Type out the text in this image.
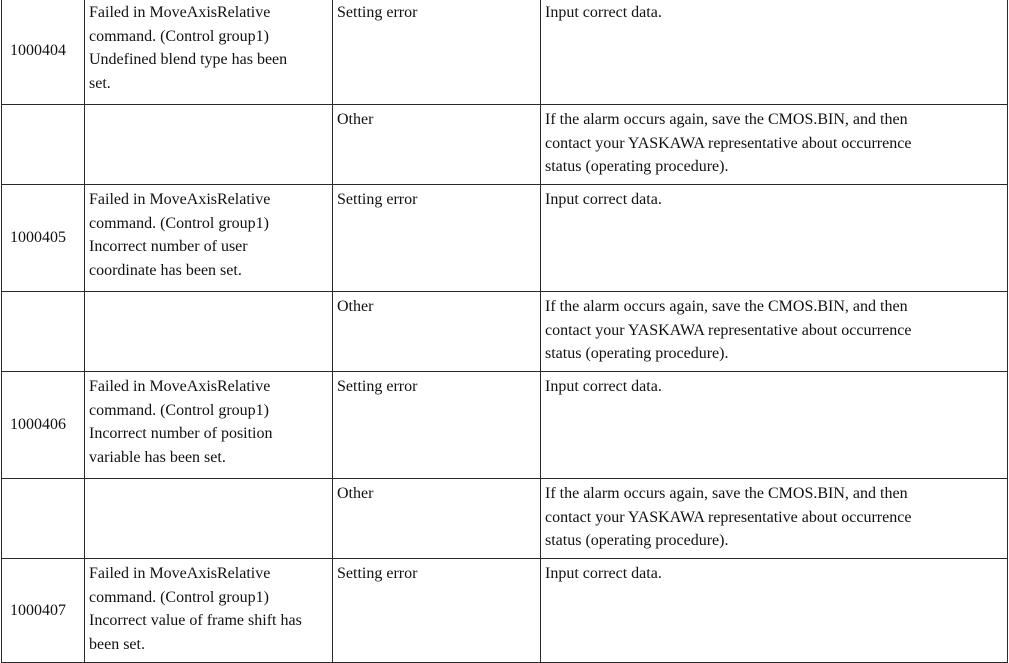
1000404	Failed in MoveAxisRelative
command. (Control group1)
Undefined blend type has been
set.	Setting error	Input correct data.
		Other	If the alarm occurs again, save the CMOS.BIN, and then
contact your YASKAWA representative about occurrence
status (operating procedure).
1000405	Failed in MoveAxisRelative
command. (Control group1)
Incorrect number of user
coordinate has been set.	Setting error	Input correct data.
		Other	If the alarm occurs again, save the CMOS.BIN, and then
contact your YASKAWA representative about occurrence
status (operating procedure).
1000406	Failed in MoveAxisRelative
command. (Control group1)
Incorrect number of position
variable has been set.	Setting error	Input correct data.
		Other	If the alarm occurs again, save the CMOS.BIN, and then
contact your YASKAWA representative about occurrence
status (operating procedure).
1000407	Failed in MoveAxisRelative
command. (Control group1)
Incorrect value of frame shift has
been set.	Setting error	Input correct data.
